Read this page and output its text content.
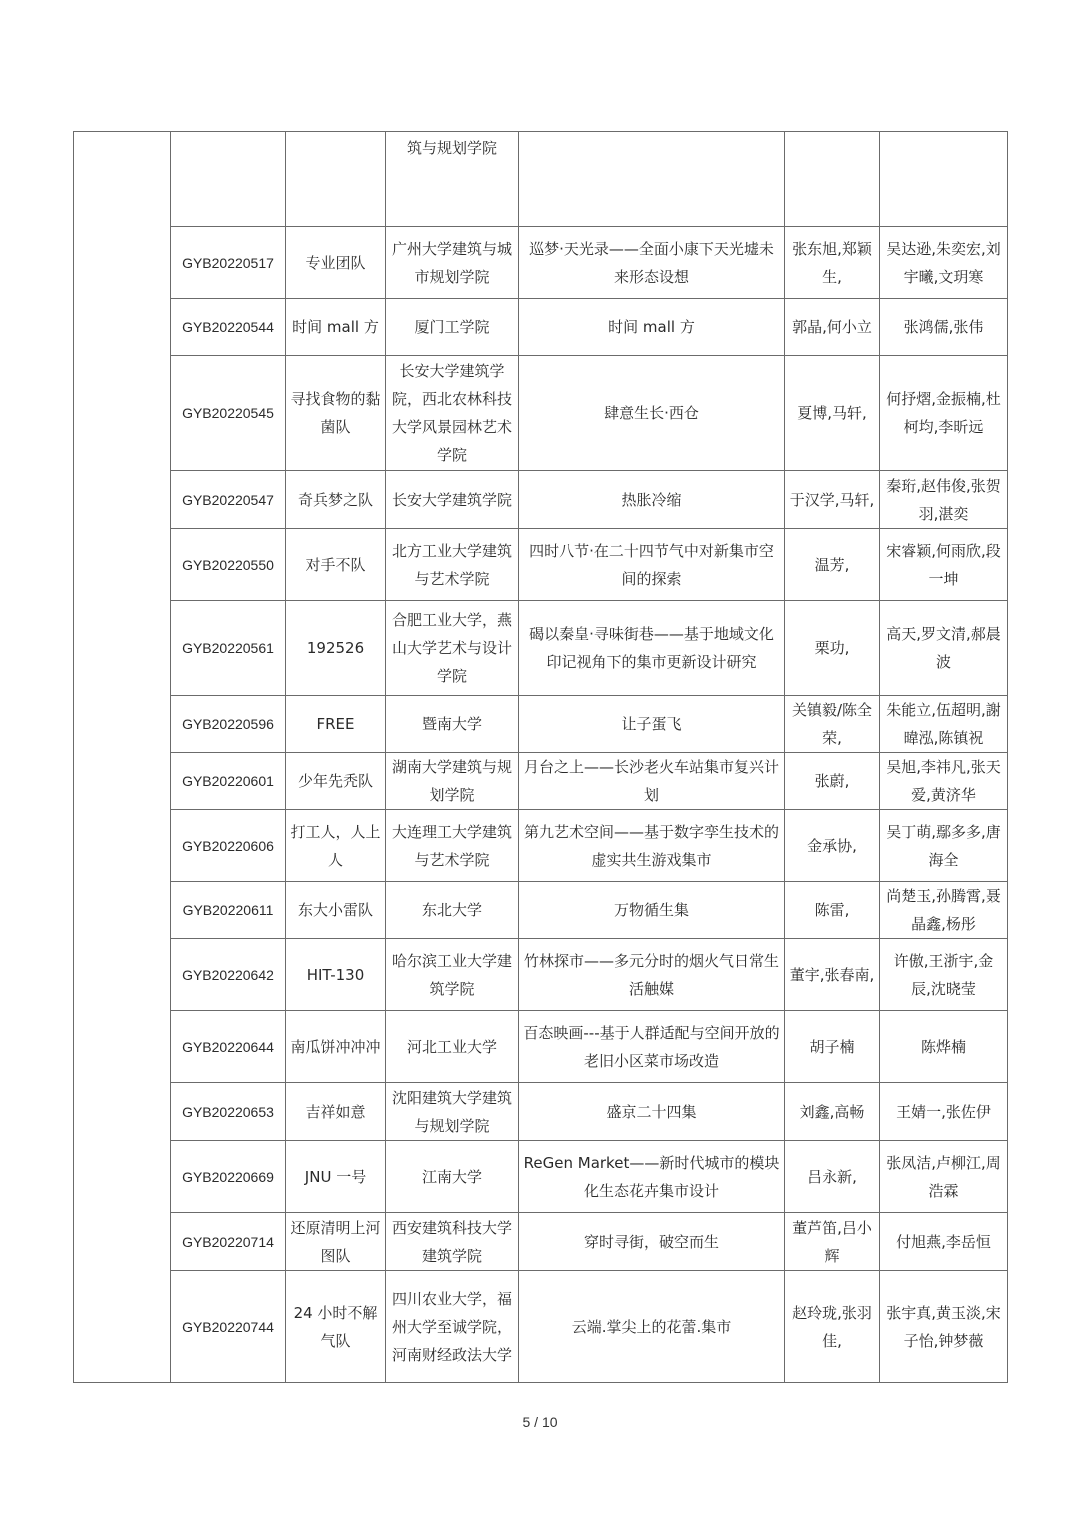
			筑与规划学院			
	GYB20220517	专业团队	广州大学建筑与城市规划学院	巡梦·天光录——全面小康下天光墟未来形态设想	张东旭,郑颖生,	吴达逊,朱奕宏,刘宇曦,文玥寒
	GYB20220544	时间 mall 方	厦门工学院	时间 mall 方	郭晶,何小立	张鸿儒,张伟
	GYB20220545	寻找食物的黏菌队	长安大学建筑学院，西北农林科技大学风景园林艺术学院	肆意生长·西仓	夏博,马轩,	何抒熠,金振楠,杜柯均,李昕远
	GYB20220547	奇兵梦之队	长安大学建筑学院	热胀冷缩	于汉学,马轩,	秦珩,赵伟俊,张贺羽,湛奕
	GYB20220550	对手不队	北方工业大学建筑与艺术学院	四时八节·在二十四节气中对新集市空间的探索	温芳,	宋睿颖,何雨欣,段一坤
	GYB20220561	192526	合肥工业大学，燕山大学艺术与设计学院	碣以秦皇·寻味街巷——基于地域文化印记视角下的集市更新设计研究	栗功,	高天,罗文清,郝晨波
	GYB20220596	FREE	暨南大学	让子蛋飞	关镇毅/陈全荣,	朱能立,伍超明,謝暐泓,陈镇祝
	GYB20220601	少年先秃队	湖南大学建筑与规划学院	月台之上——长沙老火车站集市复兴计划	张蔚,	吴旭,李祎凡,张天爱,黄济华
	GYB20220606	打工人，人上人	大连理工大学建筑与艺术学院	第九艺术空间——基于数字孪生技术的虚实共生游戏集市	金承协,	吴丁萌,鄢多多,唐海全
	GYB20220611	东大小雷队	东北大学	万物循生集	陈雷,	尚楚玉,孙腾霄,聂晶鑫,杨彤
	GYB20220642	HIT-130	哈尔滨工业大学建筑学院	竹林探市——多元分时的烟火气日常生活触媒	董宇,张春南,	许傲,王浙宇,金辰,沈晓莹
	GYB20220644	南瓜饼冲冲冲	河北工业大学	百态映画---基于人群适配与空间开放的老旧小区菜市场改造	胡子楠	陈烨楠
	GYB20220653	吉祥如意	沈阳建筑大学建筑与规划学院	盛京二十四集	刘鑫,高畅	王婧一,张佐伊
	GYB20220669	JNU 一号	江南大学	ReGen Market——新时代城市的模块化生态花卉集市设计	吕永新,	张凤洁,卢柳江,周浩霖
	GYB20220714	还原清明上河图队	西安建筑科技大学建筑学院	穿时寻街，破空而生	董芦笛,吕小辉	付旭燕,李岳恒
	GYB20220744	24 小时不解气队	四川农业大学，福州大学至诚学院，河南财经政法大学	云端.掌尖上的花蕾.集市	赵玲珑,张羽佳,	张宇真,黄玉淡,宋子怡,钟梦薇
5 / 10
